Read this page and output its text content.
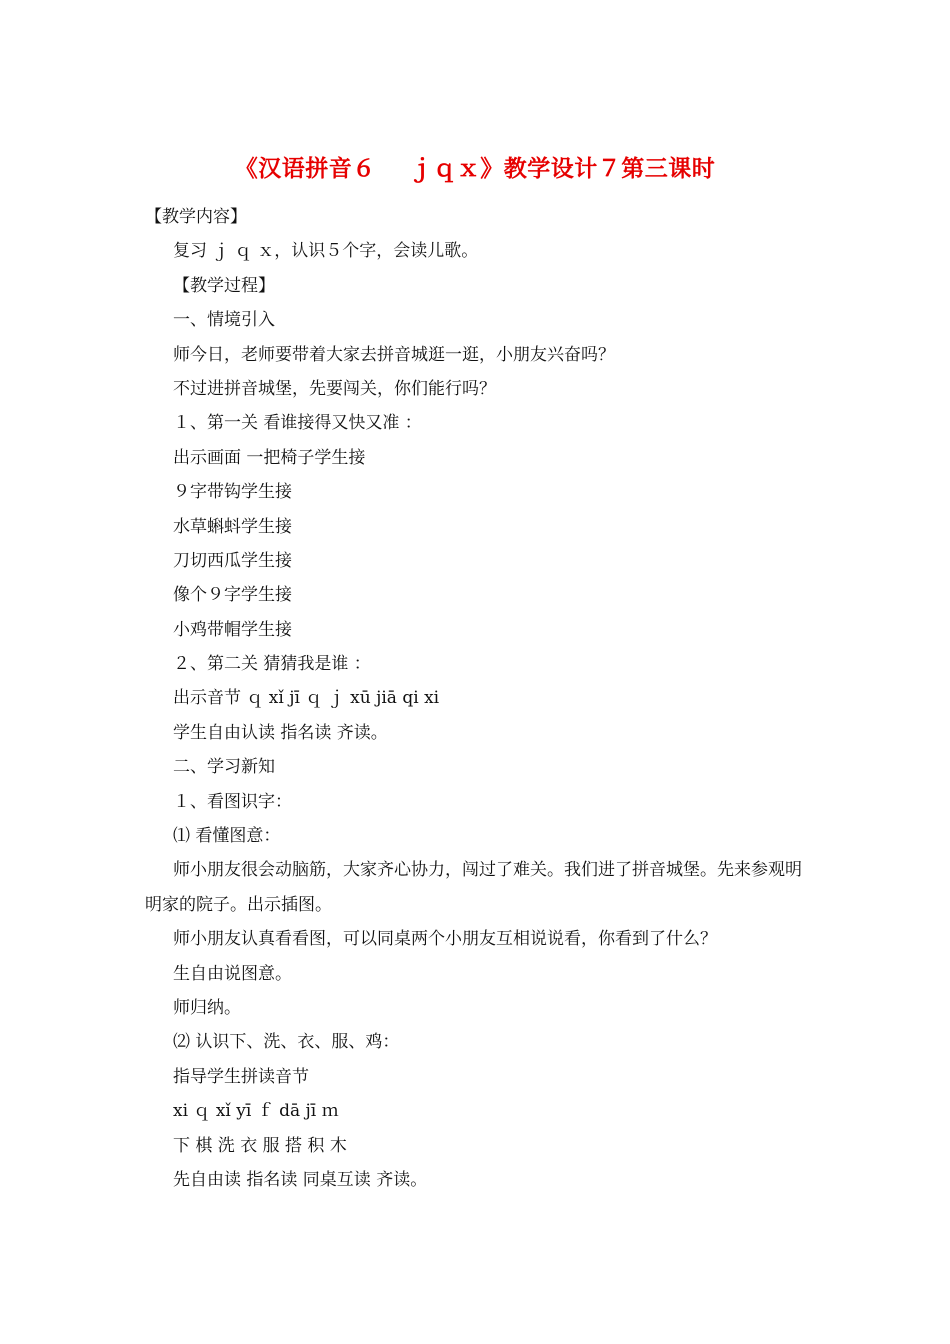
《汉语拼音６    ｊｑｘ》教学设计７第三课时
【教学内容】
复习 ｊ ｑ ｘ，认识５个字，会读儿歌。
【教学过程】
一、情境引入
师今日，老师要带着大家去拼音城逛一逛，小朋友兴奋吗？
不过进拼音城堡，先要闯关，你们能行吗？
１、第一关 看谁接得又快又准 ：
出示画面 一把椅子学生接
９字带钩学生接
水草蝌蚪学生接
刀切西瓜学生接
像个９字学生接
小鸡带帽学生接
２、第二关 猜猜我是谁 ：
出示音节 ｑ xǐ jī ｑ ｊ xū jiā qi xi
学生自由认读 指名读 齐读。
二、学习新知
１、看图识字：
⑴ 看懂图意：
师小朋友很会动脑筋，大家齐心协力，闯过了难关。我们进了拼音城堡。先来参观明明家的院子。出示插图。
师小朋友认真看看图，可以同桌两个小朋友互相说说看，你看到了什么？
生自由说图意。
师归纳。
⑵ 认识下、洗、衣、服、鸡：
指导学生拼读音节
xi ｑ xǐ yī ｆ dā jī ｍ
下 棋 洗 衣 服 搭 积 木
先自由读 指名读 同桌互读 齐读。
